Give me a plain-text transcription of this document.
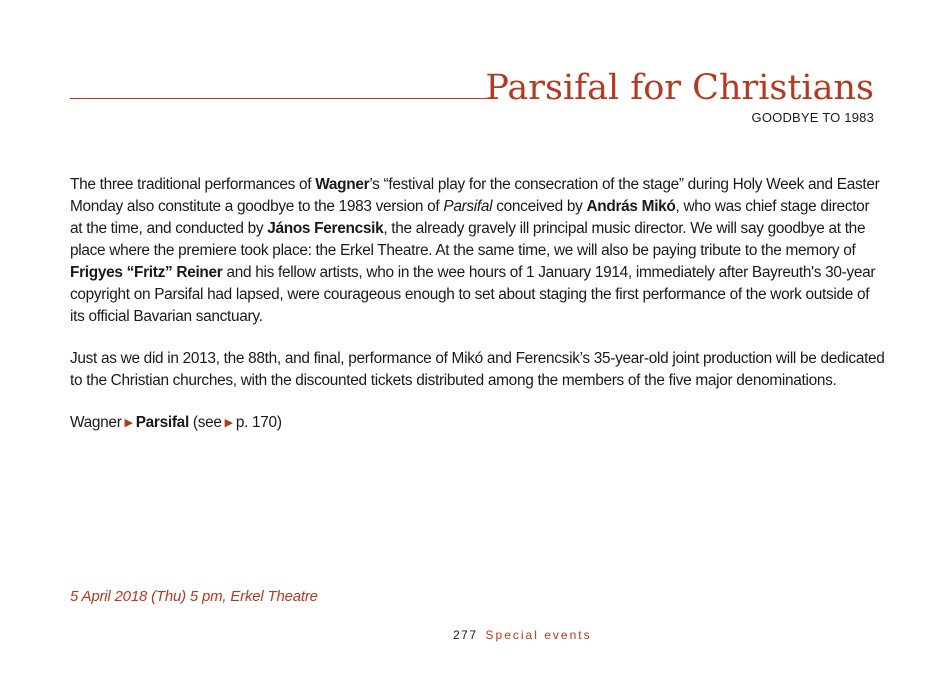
Parsifal for Christians
GOODBYE TO 1983

The three traditional performances of Wagner’s “festival play for the consecration of the stage” during Holy Week and Easter Monday also constitute a goodbye to the 1983 version of Parsifal conceived by András Mikó, who was chief stage director at the time, and conducted by János Ferencsik, the already gravely ill principal music director. We will say goodbye at the place where the premiere took place: the Erkel Theatre. At the same time, we will also be paying tribute to the memory of Frigyes “Fritz” Reiner and his fellow artists, who in the wee hours of 1 January 1914, immediately after Bayreuth's 30-year copyright on Parsifal had lapsed, were courageous enough to set about staging the first performance of the work outside of its official Bavarian sanctuary.

Just as we did in 2013, the 88th, and final, performance of Mikó and Ferencsik’s 35-year-old joint production will be dedicated to the Christian churches, with the discounted tickets distributed among the members of the five major denominations.

Wagner ▶ Parsifal (see ▶ p. 170)
5 April 2018 (Thu) 5 pm, Erkel Theatre
277 Special events
